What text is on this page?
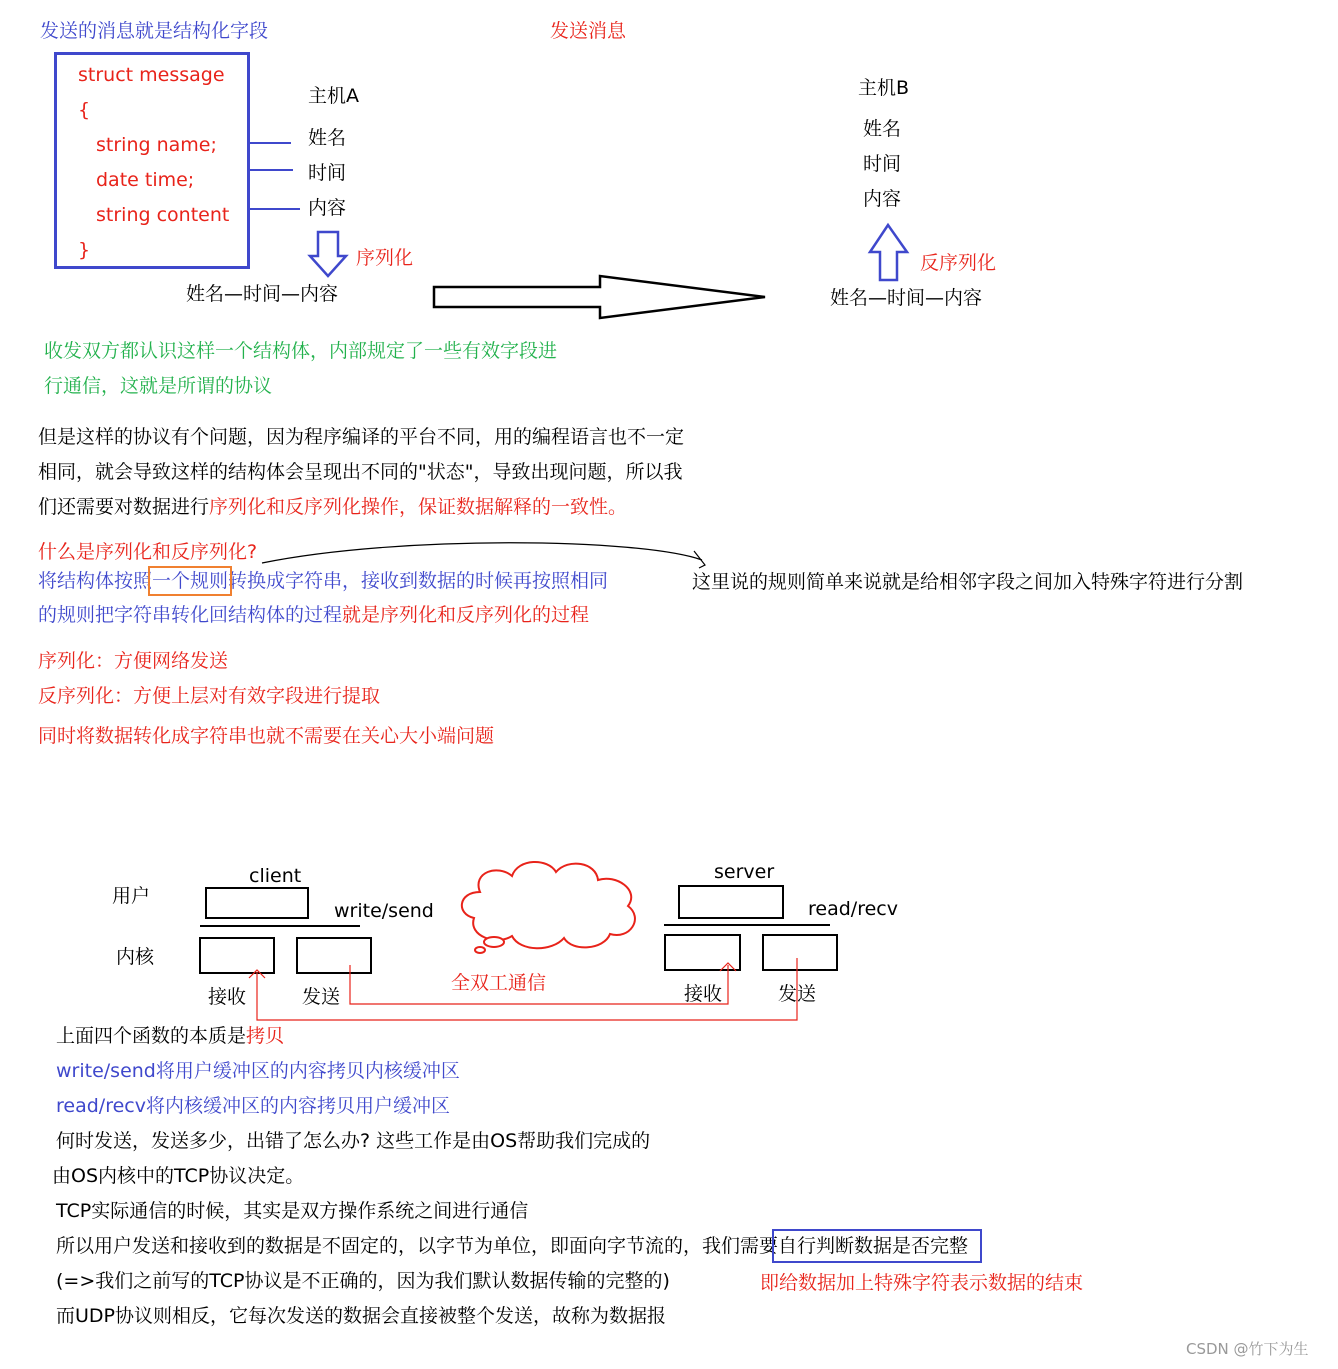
发送的消息就是结构化字段	发送消息
struct message
{
string name;
date time;
string content
}
主机A
姓名
时间
内容
序列化
姓名—时间—内容
主机B
姓名
时间
内容
反序列化
姓名—时间—内容
收发双方都认识这样一个结构体，内部规定了一些有效字段进
行通信，这就是所谓的协议
但是这样的协议有个问题，因为程序编译的平台不同，用的编程语言也不一定
相同，就会导致这样的结构体会呈现出不同的"状态"，导致出现问题，所以我
们还需要对数据进行序列化和反序列化操作，保证数据解释的一致性。
什么是序列化和反序列化?
将结构体按照一个规则转换成字符串，接收到数据的时候再按照相同
的规则把字符串转化回结构体的过程就是序列化和反序列化的过程
这里说的规则简单来说就是给相邻字段之间加入特殊字符进行分割
序列化：方便网络发送
反序列化：方便上层对有效字段进行提取
同时将数据转化成字符串也就不需要在关心大小端问题
用户
内核
client	server
write/send	read/recv
接收	发送	接收	发送
全双工通信
上面四个函数的本质是拷贝
write/send将用户缓冲区的内容拷贝内核缓冲区
read/recv将内核缓冲区的内容拷贝用户缓冲区
何时发送，发送多少，出错了怎么办? 这些工作是由OS帮助我们完成的
由OS内核中的TCP协议决定。
TCP实际通信的时候，其实是双方操作系统之间进行通信
所以用户发送和接收到的数据是不固定的，以字节为单位，即面向字节流的，我们需要自行判断数据是否完整
(=>我们之前写的TCP协议是不正确的，因为我们默认数据传输的完整的)	即给数据加上特殊字符表示数据的结束
而UDP协议则相反，它每次发送的数据会直接被整个发送，故称为数据报
CSDN @竹下为生
